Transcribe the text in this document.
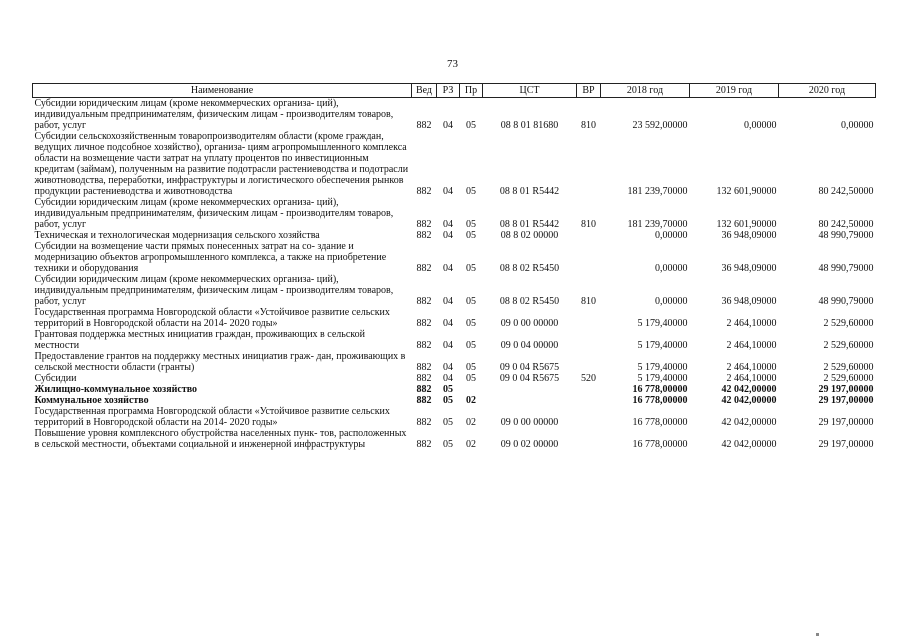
73
Наименование	Вед	РЗ	Пр	ЦСТ	ВР	2018 год	2019 год	2020 год
Субсидии юридическим лицам (кроме некоммерческих организа- ций), индивидуальным предпринимателям, физическим лицам - производителям товаров, работ, услуг	882	04	05	08 8 01 81680	810	23 592,00000	0,00000	0,00000
Субсидии сельскохозяйственным товаропроизводителям области (кроме граждан, ведущих личное подсобное хозяйство), организа- циям агропромышленного комплекса области на возмещение части затрат на уплату процентов по инвестиционным кредитам (займам), полученным на развитие подотрасли растениеводства и подотрасли животноводства, переработки, инфраструктуры и логистического обеспечения рынков продукции растениеводства и животноводства	882	04	05	08 8 01 R5442		181 239,70000	132 601,90000	80 242,50000
Субсидии юридическим лицам (кроме некоммерческих организа- ций), индивидуальным предпринимателям, физическим лицам - производителям товаров, работ, услуг	882	04	05	08 8 01 R5442	810	181 239,70000	132 601,90000	80 242,50000
Техническая и технологическая модернизация сельского хозяйства	882	04	05	08 8 02 00000		0,00000	36 948,09000	48 990,79000
Субсидии на возмещение части прямых понесенных затрат на со- здание и модернизацию объектов агропромышленного комплекса, а также на приобретение техники и оборудования	882	04	05	08 8 02 R5450		0,00000	36 948,09000	48 990,79000
Субсидии юридическим лицам (кроме некоммерческих организа- ций), индивидуальным предпринимателям, физическим лицам - производителям товаров, работ, услуг	882	04	05	08 8 02 R5450	810	0,00000	36 948,09000	48 990,79000
Государственная программа Новгородской области «Устойчивое развитие сельских территорий в Новгородской области на 2014- 2020 годы»	882	04	05	09 0 00 00000		5 179,40000	2 464,10000	2 529,60000
Грантовая поддержка местных инициатив граждан, проживающих в сельской местности	882	04	05	09 0 04 00000		5 179,40000	2 464,10000	2 529,60000
Предоставление грантов на поддержку местных инициатив граж- дан, проживающих в сельской местности области (гранты)	882	04	05	09 0 04 R5675		5 179,40000	2 464,10000	2 529,60000
Субсидии	882	04	05	09 0 04 R5675	520	5 179,40000	2 464,10000	2 529,60000
Жилищно-коммунальное хозяйство	882	05				16 778,00000	42 042,00000	29 197,00000
Коммунальное хозяйство	882	05	02			16 778,00000	42 042,00000	29 197,00000
Государственная программа Новгородской области «Устойчивое развитие сельских территорий в Новгородской области на 2014- 2020 годы»	882	05	02	09 0 00 00000		16 778,00000	42 042,00000	29 197,00000
Повышение уровня комплексного обустройства населенных пунк- тов, расположенных в сельской местности, объектами социальной и инженерной инфраструктуры	882	05	02	09 0 02 00000		16 778,00000	42 042,00000	29 197,00000
